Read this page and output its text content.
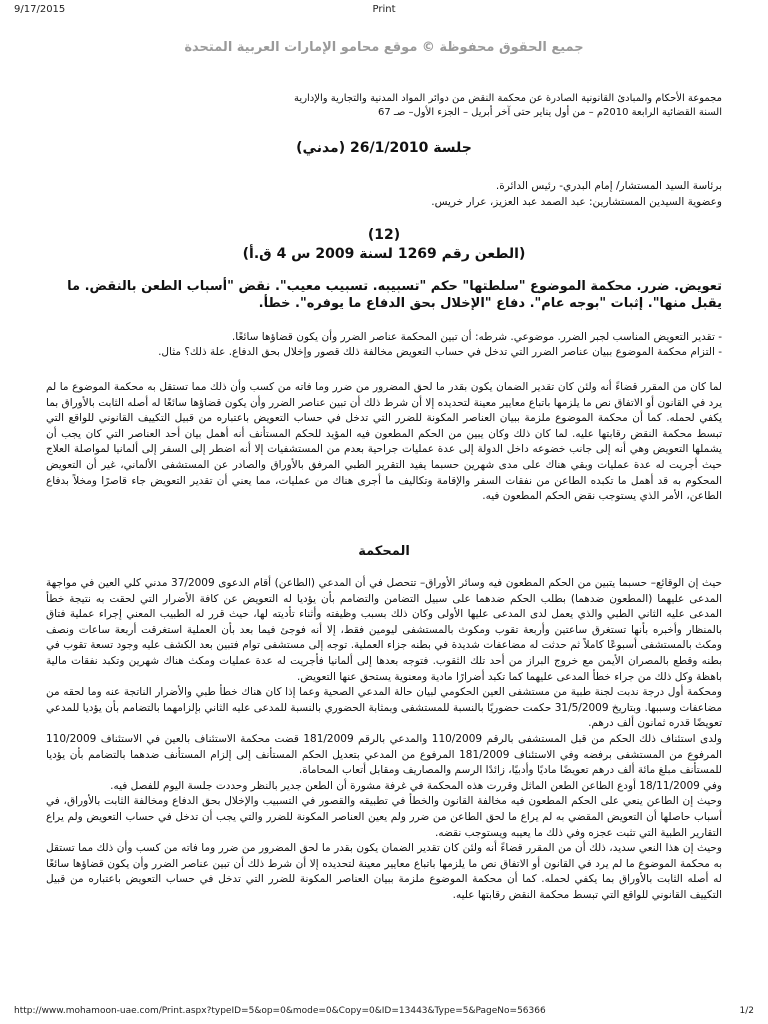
9/17/2015	Print
جميع الحقوق محفوظة © موقع محامو الإمارات العربية المتحدة
مجموعة الأحكام والمبادئ القانونية الصادرة عن محكمة النقض من دوائر المواد المدنية والتجارية والإدارية
السنة القضائية الرابعة 2010م – من أول يناير حتى آخر أبريل – الجزء الأول– صـ 67
جلسة 26/1/2010 (مدني)
برئاسة السيد المستشار/ إمام البدري- رئيس الدائرة.
وعضوية السيدين المستشارين: عبد الصمد عبد العزيز، عرار خريس.
(12)
(الطعن رقم 1269 لسنة 2009 س 4 ق.أ)
تعويض. ضرر. محكمة الموضوع "سلطتها" حكم "تسبيبه. تسبيب معيب". نقض "أسباب الطعن بالنقض. ما يقبل منها". إثبات "بوجه عام". دفاع "الإخلال بحق الدفاع ما يوفره". خطأ.
- تقدير التعويض المناسب لجبر الضرر. موضوعي. شرطه: أن تبين المحكمة عناصر الضرر وأن يكون قضاؤها سائغًا.
- التزام محكمة الموضوع ببيان عناصر الضرر التي تدخل في حساب التعويض مخالفة ذلك قصور وإخلال بحق الدفاع. علة ذلك؟ مثال.
لما كان من المقرر قضاءً أنه ولئن كان تقدير الضمان يكون بقدر ما لحق المضرور من ضرر وما فاته من كسب وأن ذلك مما تستقل به محكمة الموضوع ما لم يرد في القانون أو الاتفاق نص ما يلزمها باتباع معايير معينة لتحديده إلا أن شرط ذلك أن تبين عناصر الضرر وأن يكون قضاؤها سائغًا له أصله الثابت بالأوراق بما يكفي لحمله. كما أن محكمة الموضوع ملزمة ببيان العناصر المكونة للضرر التي تدخل في حساب التعويض باعتباره من قبيل التكييف القانوني للواقع التي تبسط محكمة النقض رقابتها عليه. لما كان ذلك وكان يبين من الحكم المطعون فيه المؤيد للحكم المستأنف أنه أهمل بيان أحد العناصر التي كان يجب أن يشملها التعويض وهي أنه إلى جانب خضوعه داخل الدولة إلى عدة عمليات جراحية بعدم من المستشفيات إلا أنه اضطر إلى السفر إلى ألمانيا لمواصلة العلاج حيث أجريت له عدة عمليات وبقي هناك على مدى شهرين حسبما يفيد التقرير الطبي المرفق بالأوراق والصادر عن المستشفى الألماني، غير أن التعويض المحكوم به قد أهمل ما تكبده الطاعن من نفقات السفر والإقامة وتكاليف ما أجرى هناك من عمليات، مما يعني أن تقدير التعويض جاء قاصرًا ومخلاً بدفاع الطاعن، الأمر الذي يستوجب نقض الحكم المطعون فيه.
المحكمة

حيث إن الوقائع– حسبما يتبين من الحكم المطعون فيه وسائر الأوراق– تتحصل في أن المدعي (الطاعن) أقام الدعوى 37/2009 مدني كلي العين في مواجهة المدعى عليهما (المطعون ضدهما) بطلب الحكم ضدهما على سبيل التضامن والتضامم بأن يؤديا له التعويض عن كافة الأضرار التي لحقت به نتيجة خطأ المدعى عليه الثاني الطبي والذي يعمل لدى المدعى عليها الأولى وكان ذلك بسبب وظيفته وأثناء تأديته لها، حيث قرر له الطبيب المعني إجراء عملية فتاق بالمنظار وأخبره بأنها تستغرق ساعتين وأربعة تقوب ومكوث بالمستشفى ليومين فقط، إلا أنه فوجئ فيما بعد بأن العملية استغرقت أربعة ساعات ونصف ومكث بالمستشفى أسبوعًا كاملاً ثم حدثت له مضاعفات شديدة في بطنه جزاء العملية. توجه إلى مستشفى توام فتبين بعد الكشف عليه وجود تسعة تقوب في بطنه وقطع بالمصران الأيمن مع خروج البراز من أحد تلك الثقوب. فتوجه بعدها إلى ألمانيا فأجريت له عدة عمليات ومكث هناك شهرين وتكبد نفقات مالية باهظة وكل ذلك من جراء خطأ المدعى عليهما كما تكبد أضرارًا مادية ومعنوية يستحق عنها التعويض.

ومحكمة أول درجة ندبت لجنة طبية من مستشفى العين الحكومي لبيان حالة المدعي الصحية وعما إذا كان هناك خطأ طبي والأضرار الناتجة عنه وما لحقه من مضاعفات وسببها. وبتاريخ 31/5/2009 حكمت حضوريًا بالنسبة للمستشفى وبمثابة الحضوري بالنسبة للمدعى عليه الثاني بإلزامهما بالتضامم بأن يؤديا للمدعي تعويضًا قدره ثمانون ألف درهم.

ولدى استئناف ذلك الحكم من قبل المستشفى بالرقم 110/2009 والمدعي بالرقم 181/2009 قضت محكمة الاستئناف بالعين في الاستئناف 110/2009 المرفوع من المستشفى برفضه وفي الاستئناف 181/2009 المرفوع من المدعي بتعديل الحكم المستأنف إلى إلزام المستأنف ضدهما بالتضامم بأن يؤديا للمستأنف مبلغ مائة ألف درهم تعويضًا ماديًا وأدبيًا، زائدًا الرسم والمصاريف ومقابل أتعاب المحاماة.

وفي 18/11/2009 أودع الطاعن الطعن الماثل وقررت هذه المحكمة في غرفة مشورة أن الطعن جدير بالنظر وحددت جلسة اليوم للفصل فيه.

وحيث إن الطاعن ينعي على الحكم المطعون فيه مخالفة القانون والخطأ في تطبيقه والقصور في التسبيب والإخلال بحق الدفاع ومخالفة الثابت بالأوراق، في أسباب حاصلها أن التعويض المقضي به لم يراع ما لحق الطاعن من ضرر ولم يعين العناصر المكونة للضرر والتي يجب أن تدخل في حساب التعويض ولم يراع التقارير الطبية التي تثبت عجزه وفي ذلك ما يعيبه ويستوجب نقضه.

وحيث إن هذا النعي سديد، ذلك أن من المقرر قضاءً أنه ولئن كان تقدير الضمان يكون بقدر ما لحق المضرور من ضرر وما فاته من كسب وأن ذلك مما تستقل به محكمة الموضوع ما لم يرد في القانون أو الاتفاق نص ما يلزمها باتباع معايير معينة لتحديده إلا أن شرط ذلك أن تبين عناصر الضرر وأن يكون قضاؤها سائغًا له أصله الثابت بالأوراق بما يكفي لحمله. كما أن محكمة الموضوع ملزمة ببيان العناصر المكونة للضرر التي تدخل في حساب التعويض باعتباره من قبيل التكييف القانوني للواقع التي تبسط محكمة النقض رقابتها عليه.

http://www.mohamoon-uae.com/Print.aspx?typeID=5&op=0&mode=0&Copy=0&ID=13443&Type=5&PageNo=56366	1/2
